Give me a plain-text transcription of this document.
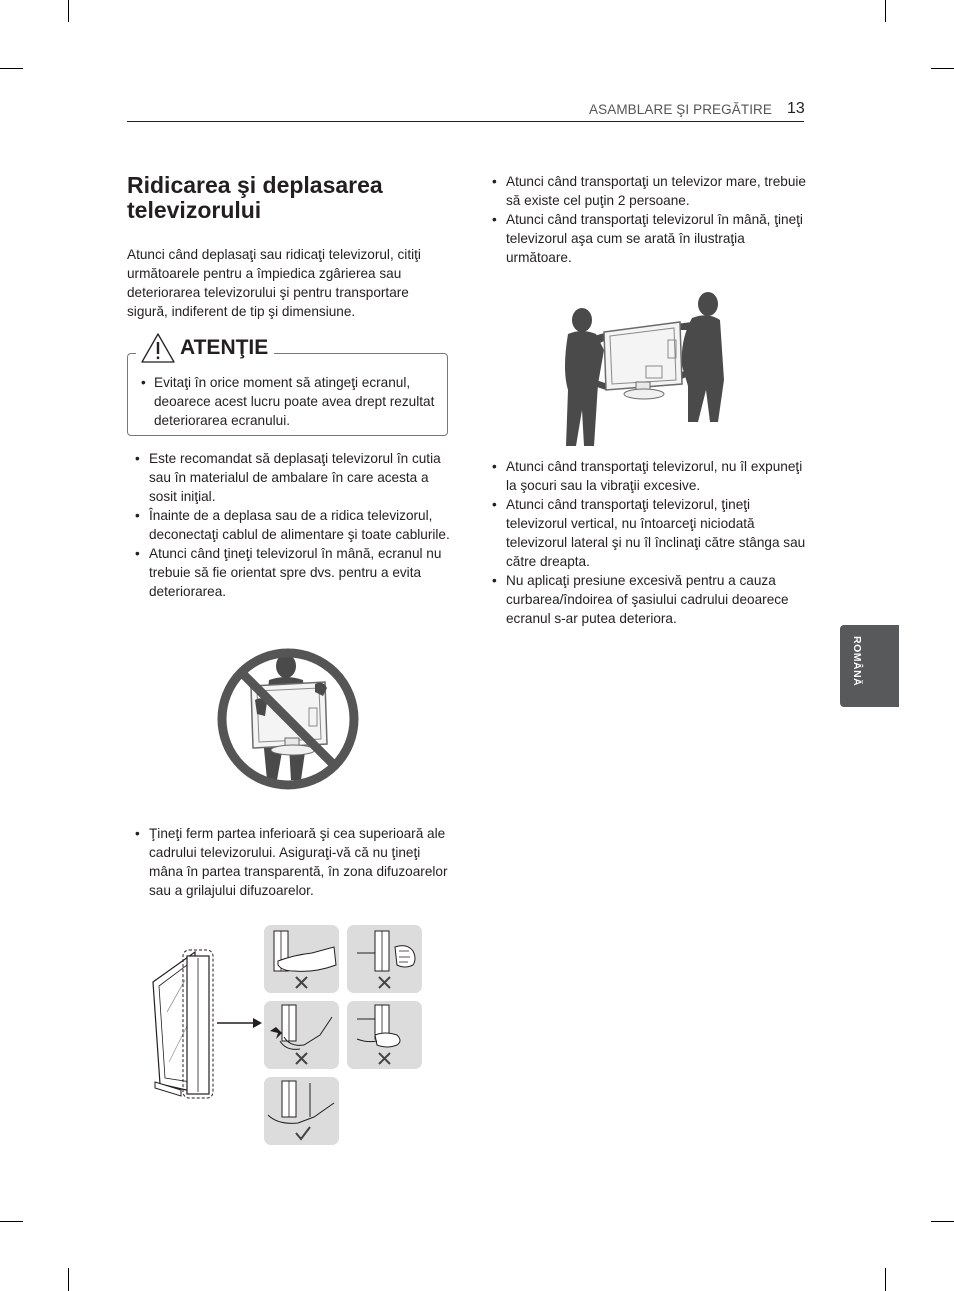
ASAMBLARE ŞI PREGĂTIRE 13
Ridicarea şi deplasarea televizorului
Atunci când deplasaţi sau ridicaţi televizorul, citiţi următoarele pentru a împiedica zgârierea sau deteriorarea televizorului şi pentru transportare sigură, indiferent de tip şi dimensiune.
• Evitaţi în orice moment să atingeţi ecranul, deoarece acest lucru poate avea drept rezultat deteriorarea ecranului.
ATENŢIE
• Este recomandat să deplasaţi televizorul în cutia sau în materialul de ambalare în care acesta a sosit iniţial.
• Înainte de a deplasa sau de a ridica televizorul, deconectaţi cablul de alimentare şi toate cablurile.
• Atunci când ţineţi televizorul în mână, ecranul nu trebuie să fie orientat spre dvs. pentru a evita deteriorarea.
• Ţineţi ferm partea inferioară şi cea superioară ale cadrului televizorului. Asiguraţi-vă că nu ţineţi mâna în partea transparentă, în zona difuzoarelor sau a grilajului difuzoarelor.
• Atunci când transportaţi un televizor mare, trebuie să existe cel puţin 2 persoane.
• Atunci când transportaţi televizorul în mână, ţineţi televizorul aşa cum se arată în ilustraţia următoare.
• Atunci când transportaţi televizorul, nu îl expuneţi la şocuri sau la vibraţii excesive.
• Atunci când transportaţi televizorul, ţineţi televizorul vertical, nu întoarceţi niciodată televizorul lateral şi nu îl înclinaţi către stânga sau către dreapta.
• Nu aplicaţi presiune excesivă pentru a cauza curbarea/îndoirea of şasiului cadrului deoarece ecranul s-ar putea deteriora.
ROMÂNĂ
